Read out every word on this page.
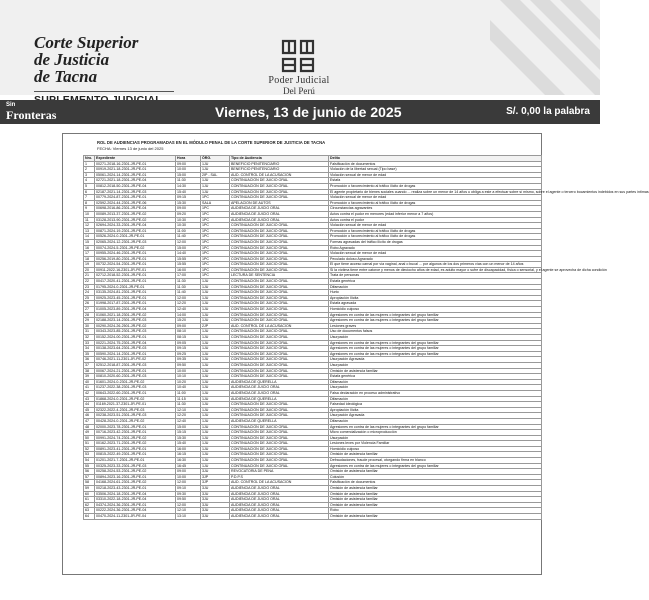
Corte Superior
de Justicia
de Tacna	Poder Judicial
Del Perú
Sin
Fronteras	Viernes, 13 de junio de 2025	S/. 0,00 la palabra
ROL DE AUDIENCIAS PROGRAMADAS EN EL MÓDULO PENAL DE LA CORTE SUPERIOR DE JUSTICIA DE TACNA
FECHA: Viernes 13 de junio del 2025
Nro.	Expediente	Hora	ÓRG.	Tipo de Audiencia	Delito
1	00271-2018-16-2301-JR-PE-01	09:00	1JU	BENEFICIO PENITENCIARIO	Falsificación de documentos
2	00919-2021-18-2301-JR-PE-01	10:00	1JU	BENEFICIO PENITENCIARIO	Violación de la libertad sexual (Tipo base)
3	05061-2024-14-2301-JR-PE-01	15:00	2IP - SAL	AUD. CONTROL DE LA ACUSACION	Violación sexual de menor de edad
4	02721-2021-18-2301-JR-PE-04	11:30	1JU	CONTINUACION DE JUICIO ORAL	Estafa
5	00812-2018-50-2301-JR-PE-04	14:30	1JU	CONTINUACION DE JUICIO ORAL	Promoción o favorecimiento al tráfico ilícito de drogas
6	02187-2021-14-2301-JR-PE-03	15:40	1JU	CONTINUACION DE JUICIO ORAL	El agente propietario de bienes sociales cuando ... realiza sobre un menor de 14 años u obliga a este a efectuar sobre sí mismo, sobre el agente o tercero bocamientos indebidos en sus partes íntimas
7	00779-2024-87-2301-JR-PE-01	09:15	1PC	CONTINUACION DE JUICIO ORAL	Violación sexual de menor de edad
8	02592-2024-44-2301-JR-PE-06	15:30	SALA	APELACION DE AUTOS	Promoción o favorecimiento al tráfico ilícito de drogas
9	00698-2016-86-2301-JR-PE-04	09:00	1PC	AUDIENCIA DE JUICIO ORAL	Circunstancias agravantes
10	00089-2013-37-2301-JR-PE-02	09:20	1PC	AUDIENCIA DE JUICIO ORAL	Actos contra el pudor en menores (edad inferior menor a 7 años)
11	03128-2013-90-2301-JR-PE-02	10:30	1PC	AUDIENCIA DE JUICIO ORAL	Actos contra el pudor
12	02694-2024-33-2301-JR-PE-04	10:30	1PC	CONTINUACION DE JUICIO ORAL	Violación sexual de menor de edad
13	00871-2024-19-2301-JR-PE-01	11:00	1PC	CONTINUACION DE JUICIO ORAL	Promoción o favorecimiento al tráfico ilícito de drogas
14	00526-2024-0-2301-JR-PE-01	11:40	1PC	CONTINUACION DE JUICIO ORAL	Promoción o favorecimiento al tráfico ilícito de drogas
15	02065-2024-12-2301-JR-PE-03	12:00	1PC	CONTINUACION DE JUICIO ORAL	Formas agravadas del tráfico ilícito de drogas
16	00074-2024-5-2301-JR-PE-02	15:00	1PC	CONTINUACION DE JUICIO ORAL	Robo Agravado
17	00955-2024-46-2301-JR-PE-01	14:40	1PC	CONTINUACION DE JUICIO ORAL	Violación sexual de menor de edad
18	00256-2019-80-2301-JR-PE-01	15:55	1PC	CONTINUACION DE JUICIO ORAL	Peculado doloso Agravado
19	00732-2024-54-2301-JR-PE-01	15:55	1PC	CONTINUACION DE JUICIO ORAL	El que tiene acceso carnal por vía vaginal, anal o bucal ... por algunos de los dos primeros vías con un menor de 14 años
20	00911-2022-16-2301-JR-PE-01	16:00	1PC	CONTINUACION DE JUICIO ORAL	Si la víctima tiene entre catorce y menos de dieciocho años de edad, es adulto mayor o sufre de discapacidad, física o sensorial, y el agente se aprovecha de dicha condición
21	02712-2018-52-2301-JR-PE-01	17:00	1PC	LECTURA DE SENTENCIA	Trata de personas
22	00417-2020-41-2301-JR-PE-01	11:30	1JU	CONTINUACION DE JUICIO ORAL	Estafa genérica
23	01795-2024-0-2301-JR-PE-01	11:30	1JU	CONTINUACION DE JUICIO ORAL	Difamación
24	03135-2024-81-2301-JR-PE-01	11:40	1JU	CONTINUACION DE JUICIO ORAL	Hurto
25	00925-2023-45-2301-JR-PE-01	12:00	1JU	CONTINUACION DE JUICIO ORAL	Apropiación Ilícita
26	01998-2017-87-2301-JR-PE-01	12:20	1JU	CONTINUACION DE JUICIO ORAL	Estafa agravada
27	01005-2023-89-2301-JR-PE-04	12:40	1JU	CONTINUACION DE JUICIO ORAL	Homicidio culposo
28	01060-2021-18-2301-JR-PE-02	14:00	1JU	CONTINUACION DE JUICIO ORAL	Agresiones en contra de las mujeres o integrantes del grupo familiar
29	02188-2023-14-2301-JR-PE-03	15:20	1JU	CONTINUACION DE JUICIO ORAL	Agresiones en contra de las mujeres o integrantes del grupo familiar
30	00290-2024-26-2501-JR-PE-02	09:00	2JP	AUD. CONTROL DE LA ACUSACION	Lesiones graves
31	00343-2023-85-2301-JR-PE-03	08:10	1JU	CONTINUACION DE JUICIO ORAL	Uso de documentos falsos
32	00152-2024-00-2301-JR-PE-01	08:15	1JU	CONTINUACION DE JUICIO ORAL	Usurpación
33	00221-2024-75-2301-JR-PE-04	09:05	1JU	CONTINUACION DE JUICIO ORAL	Agresiones en contra de las mujeres o integrantes del grupo familiar
34	00138-2023-64-2301-JR-PE-03	09:15	1JU	CONTINUACION DE JUICIO ORAL	Agresiones en contra de las mujeres o integrantes del grupo familiar
35	00590-2024-14-2301-JR-PE-01	09:25	1JU	CONTINUACION DE JUICIO ORAL	Agresiones en contra de las mujeres o integrantes del grupo familiar
36	00746-2021-11-2301-JR-PE-02	09:35	1JU	CONTINUACION DE JUICIO ORAL	Usurpación Agravada
37	02512-2018-87-2301-JR-PE-03	09:50	1JU	CONTINUACION DE JUICIO ORAL	Usurpación
38	00067-2024-21-2301-JR-PE-01	10:00	1JU	CONTINUACION DE JUICIO ORAL	Omisión de asistencia familiar
39	00810-2020-60-2301-JR-PE-03	10:10	1JU	CONTINUACION DE JUICIO ORAL	Estafa genérica
40	01601-2024-0-2301-JR-PE-02	10:20	1JU	AUDIENCIA DE QUERELLA	Difamación
41	01237-2022-38-2301-JR-PE-03	10:40	1JU	AUDIENCIA DE JUICIO ORAL	Usurpación
42	00643-2022-60-2301-JR-PE-01	11:00	1JU	AUDIENCIA DE JUICIO ORAL	Falsa declaración en proceso administrativo
43	01868-2024-0-2301-JR-PE-02	11:15	1JU	AUDIENCIA DE QUERELLA	Difamación
44	01169-2021-37-2301-JR-PE-01	11:30	1JU	CONTINUACION DE JUICIO ORAL	Falsedad ideológica
45	02322-2022-4-2301-JR-PE-03	12:10	1JU	CONTINUACION DE JUICIO ORAL	Apropiación Ilícita
46	00238-2023-51-2301-JR-PE-03	12:20	1JU	CONTINUACION DE JUICIO ORAL	Usurpación Agravada
47	00428-2024-0-2301-JR-PE-02	12:40	1JU	AUDIENCIA DE QUERELLA	Difamación
48	02000-2023-78-2301-JR-PE-01	15:00	1JU	CONTINUACION DE JUICIO ORAL	Agresiones en contra de las mujeres o integrantes del grupo familiar
49	00716-2023-42-2301-JR-PE-01	15:15	1JU	CONTINUACION DE JUICIO ORAL	Micro comercialización o microproducción
50	00991-2024-74-2301-JR-PE-02	15:30	1JU	CONTINUACION DE JUICIO ORAL	Usurpación
51	00162-2023-71-2301-JR-PE-02	15:40	1JU	CONTINUACION DE JUICIO ORAL	Lesiones leves por Violencia Familiar
52	00891-2023-41-2301-JR-PE-01	16:00	1JU	CONTINUACION DE JUICIO ORAL	Homicidio culposo
53	00815-2022-49-2301-JR-PE-01	16:15	1JU	CONTINUACION DE JUICIO ORAL	Omisión de asistencia familiar
54	01201-2021-7-2301-JR-PE-01	16:30	1JU	CONTINUACION DE JUICIO ORAL	Defraudaciones, fraude procesal, otorgando firma en blanco
55	00325-2023-33-2301-JR-PE-03	16:45	1JU	CONTINUACION DE JUICIO ORAL	Agresiones en contra de las mujeres o integrantes del grupo familiar
56	00258-2024-53-2301-JR-PE-02	09:00	3JU	REVOCATORIA DE PENA	Omisión de asistencia familiar
57	00894-2023-16-2301-JR-PE-01	10:00	3JP	P.D.P.S	Colusión
58	04168-2024-61-2301-JR-PE-02	12:00	3JP	AUD. CONTROL DE LA ACUSACION	Falsificación de documentos
59	00218-2023-43-2301-JR-PE-01	09:10	3JU	AUDIENCIA DE JUICIO ORAL	Omisión de asistencia familiar
60	03506-2024-18-2301-JR-PE-04	09:30	3JU	AUDIENCIA DE JUICIO ORAL	Omisión de asistencia familiar
61	03310-2022-18-2301-JR-PE-04	09:50	3JU	AUDIENCIA DE JUICIO ORAL	Omisión de asistencia familiar
62	04374-2024-36-2301-JR-PE-01	12:00	3JU	AUDIENCIA DE JUICIO ORAL	Omisión de asistencia familiar
63	00222-2024-36-2301-JR-PE-04	12:10	3JU	AUDIENCIA DE JUICIO ORAL	Robo
64	00470-2024-11-2301-JR-PE-04	13:10	3JU	AUDIENCIA DE JUICIO ORAL	Omisión de asistencia familiar
